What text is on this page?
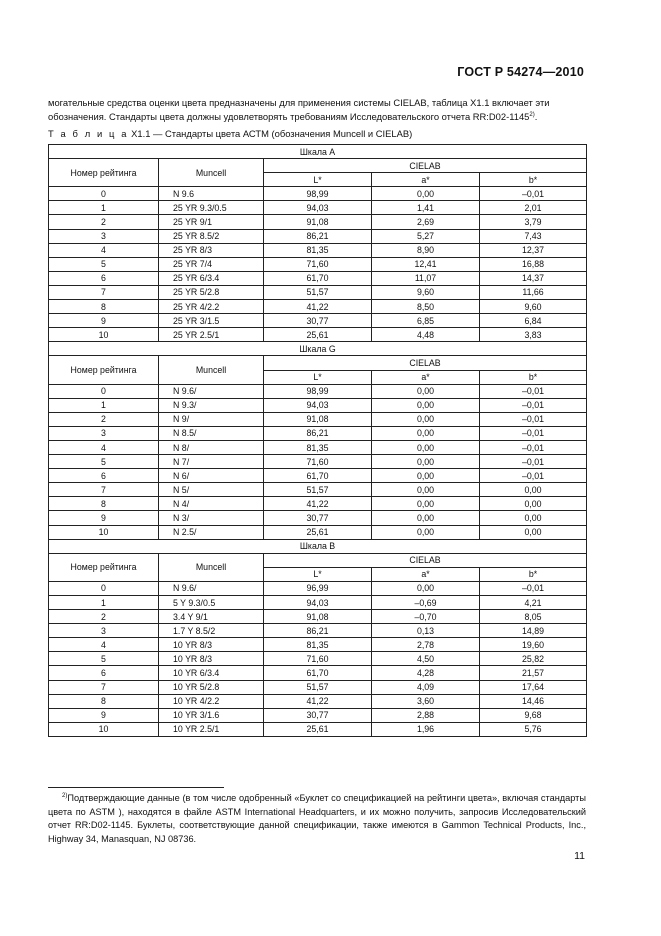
ГОСТ Р 54274—2010
могательные средства оценки цвета предназначены для применения системы CIELAB, таблица X1.1 включает эти обозначения. Стандарты цвета должны удовлетворять требованиям Исследовательского отчета RR:D02-1145$^{2)}$.
Т а б л и ц а X1.1 — Стандарты цвета АСТМ (обозначения Muncell и CIELAB)
Шкала А				
Номер рейтинга	Muncell	CIELAB		
		L*	a*	b*
0	N 9.6	98,99	0,00	–0,01
1	25 YR 9.3/0.5	94,03	1,41	2,01
2	25 YR 9/1	91,08	2,69	3,79
3	25 YR 8.5/2	86,21	5,27	7,43
4	25 YR 8/3	81,35	8,90	12,37
5	25 YR 7/4	71,60	12,41	16,88
6	25 YR 6/3.4	61,70	11,07	14,37
7	25 YR 5/2.8	51,57	9,60	11,66
8	25 YR 4/2.2	41,22	8,50	9,60
9	25 YR 3/1.5	30,77	6,85	6,84
10	25 YR 2.5/1	25,61	4,48	3,83
Шкала G				
Номер рейтинга	Muncell	CIELAB		
		L*	a*	b*
0	N 9.6/	98,99	0,00	–0,01
1	N 9.3/	94,03	0,00	–0,01
2	N 9/	91,08	0,00	–0,01
3	N 8.5/	86,21	0,00	–0,01
4	N 8/	81,35	0,00	–0,01
5	N 7/	71,60	0,00	–0,01
6	N 6/	61,70	0,00	–0,01
7	N 5/	51,57	0,00	0,00
8	N 4/	41,22	0,00	0,00
9	N 3/	30,77	0,00	0,00
10	N 2.5/	25,61	0,00	0,00
Шкала В				
Номер рейтинга	Muncell	CIELAB		
		L*	a*	b*
0	N 9.6/	96,99	0,00	–0,01
1	5 Y 9.3/0.5	94,03	–0,69	4,21
2	3.4 Y 9/1	91,08	–0,70	8,05
3	1.7 Y 8.5/2	86,21	0,13	14,89
4	10 YR 8/3	81,35	2,78	19,60
5	10 YR 8/3	71,60	4,50	25,82
6	10 YR 6/3.4	61,70	4,28	21,57
7	10 YR 5/2.8	51,57	4,09	17,64
8	10 YR 4/2.2	41,22	3,60	14,46
9	10 YR 3/1.6	30,77	2,88	9,68
10	10 YR 2.5/1	25,61	1,96	5,76
$^{2)}$Подтверждающие данные (в том числе одобренный «Буклет со спецификацией на рейтинги цвета», включая стандарты цвета по ASTM ), находятся в файле ASTM International Headquarters, и их можно получить, запросив Исследовательский отчет RR:D02-1145. Буклеты, соответствующие данной спецификации, также имеются в Gammon Technical Products, Inc., Highway 34, Manasquan, NJ 08736.
11
